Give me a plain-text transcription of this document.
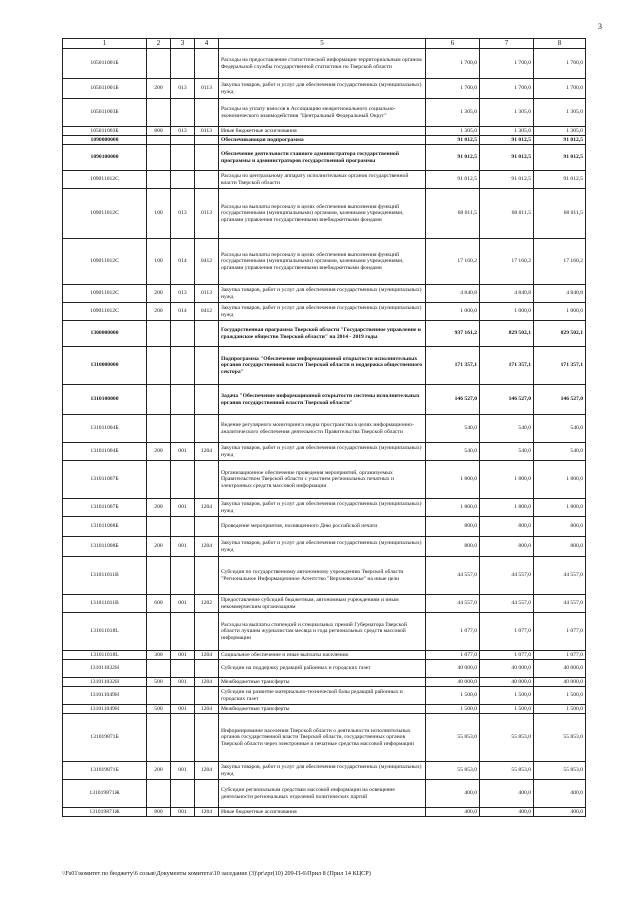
3
1	2	3	4	5	6	7	8
105011001Б				Расходы на предоставление статистической информации территориальным органом Федеральной службы государственной статистики по Тверской области	1 700,0	1 700,0	1 700,0
105011001Б	200	013	0113	Закупка товаров, работ и услуг для обеспечения государственных (муниципальных) нужд	1 700,0	1 700,0	1 700,0
105011003Б				Расходы на уплату взносов в Ассоциацию межрегионального социально-экономического взаимодействия "Центральный Федеральный Округ"	1 305,0	1 305,0	1 305,0
105011003Б	800	013	0113	Иные бюджетные ассигнования	1 305,0	1 305,0	1 305,0
1090000000				Обеспечивающая подпрограмма	91 012,5	91 012,5	91 012,5
1090100000				Обеспечение деятельности главного администратора государственной программы и администраторов государственной программы	91 012,5	91 012,5	91 012,5
109011012С				Расходы по центральному аппарату исполнительных органов государственной власти Тверской области	91 012,5	91 012,5	91 012,5
109011012С	100	013	0113	Расходы на выплаты персоналу в целях обеспечения выполнения функций государственными (муниципальными) органами, казенными учреждениями, органами управления государственными внебюджетными фондами	68 011,5	68 011,5	68 011,5
109011012С	100	014	0412	Расходы на выплаты персоналу в целях обеспечения выполнения функций государственными (муниципальными) органами, казенными учреждениями, органами управления государственными внебюджетными фондами	17 160,2	17 160,2	17 160,2
109011012С	200	013	0113	Закупка товаров, работ и услуг для обеспечения государственных (муниципальных) нужд	4 840,8	4 840,8	4 840,8
109011012С	200	014	0412	Закупка товаров, работ и услуг для обеспечения государственных (муниципальных) нужд	1 000,0	1 000,0	1 000,0
1300000000				Государственная программа Тверской области "Государственное управление и гражданское общество Тверской области" на 2014 - 2019 годы	937 161,2	829 502,1	829 502,1
1310000000				Подпрограмма "Обеспечение информационной открытости исполнительных органов государственной власти Тверской области и поддержка общественного сектора"	171 357,1	171 357,1	171 357,1
1310100000				Задача "Обеспечение информационной открытости системы исполнительных органов государственной власти Тверской области"	146 527,0	146 527,0	146 527,0
131011004Б				Ведение регулярного мониторинга медиа пространства в целях информационно-аналитического обеспечения деятельности Правительства Тверской области	540,0	540,0	540,0
131011004Б	200	001	1204	Закупка товаров, работ и услуг для обеспечения государственных (муниципальных) нужд	540,0	540,0	540,0
131011007Б				Организационное обеспечение проведения мероприятий, организуемых Правительством Тверской области с участием региональных печатных и электронных средств массовой информации	1 800,0	1 800,0	1 800,0
131011007Б	200	001	1204	Закупка товаров, работ и услуг для обеспечения государственных (муниципальных) нужд	1 800,0	1 800,0	1 800,0
131011008Б				Проведение мероприятия, посвященного Дню российской печати	800,0	800,0	800,0
131011008Б	200	001	1204	Закупка товаров, работ и услуг для обеспечения государственных (муниципальных) нужд	800,0	800,0	800,0
131011011В				Субсидия по государственному автономному учреждению Тверской области "Региональное Информационное Агентство "Верхневолжье" на иные цели	44 557,0	44 557,0	44 557,0
131011011В	600	001	1202	Предоставление субсидий бюджетным, автономным учреждениям и иным некоммерческим организациям	44 557,0	44 557,0	44 557,0
131011018L				Расходы на выплаты стипендий и специальных премий Губернатора Тверской области лучшим журналистам месяца и года региональных средств массовой информации	1 077,0	1 077,0	1 077,0
131011018L	300	001	1204	Социальное обеспечение и иные выплаты населению	1 077,0	1 077,0	1 077,0
131011032Н				Субсидии на поддержку редакций районных и городских газет	40 000,0	40 000,0	40 000,0
131011032Н	500	001	1204	Межбюджетные трансферты	40 000,0	40 000,0	40 000,0
131011049Н				Субсидии на развитие материально-технической базы редакций районных и городских газет	1 500,0	1 500,0	1 500,0
131011049Н	500	001	1204	Межбюджетные трансферты	1 500,0	1 500,0	1 500,0
131019871Б				Информирование населения Тверской области о деятельности исполнительных органов государственной власти Тверской области, государственных органов Тверской области через электронные и печатные средства массовой информации	55 853,0	55 853,0	55 853,0
131019871Б	200	001	1204	Закупка товаров, работ и услуг для обеспечения государственных (муниципальных) нужд	55 853,0	55 853,0	55 853,0
131019871Ж				Субсидии региональным средствам массовой информации на освещение деятельности региональных отделений политических партий	400,0	400,0	400,0
131019871Ж	800	001	1204	Иные бюджетные ассигнования	400,0	400,0	400,0
\\Fs01\комитет по бюджету\6 созыв\Документы комитета\10 заседание (3)\pr\zpr(10) 209-П-6\Прил 8 (Прил 14 КЦСР)
